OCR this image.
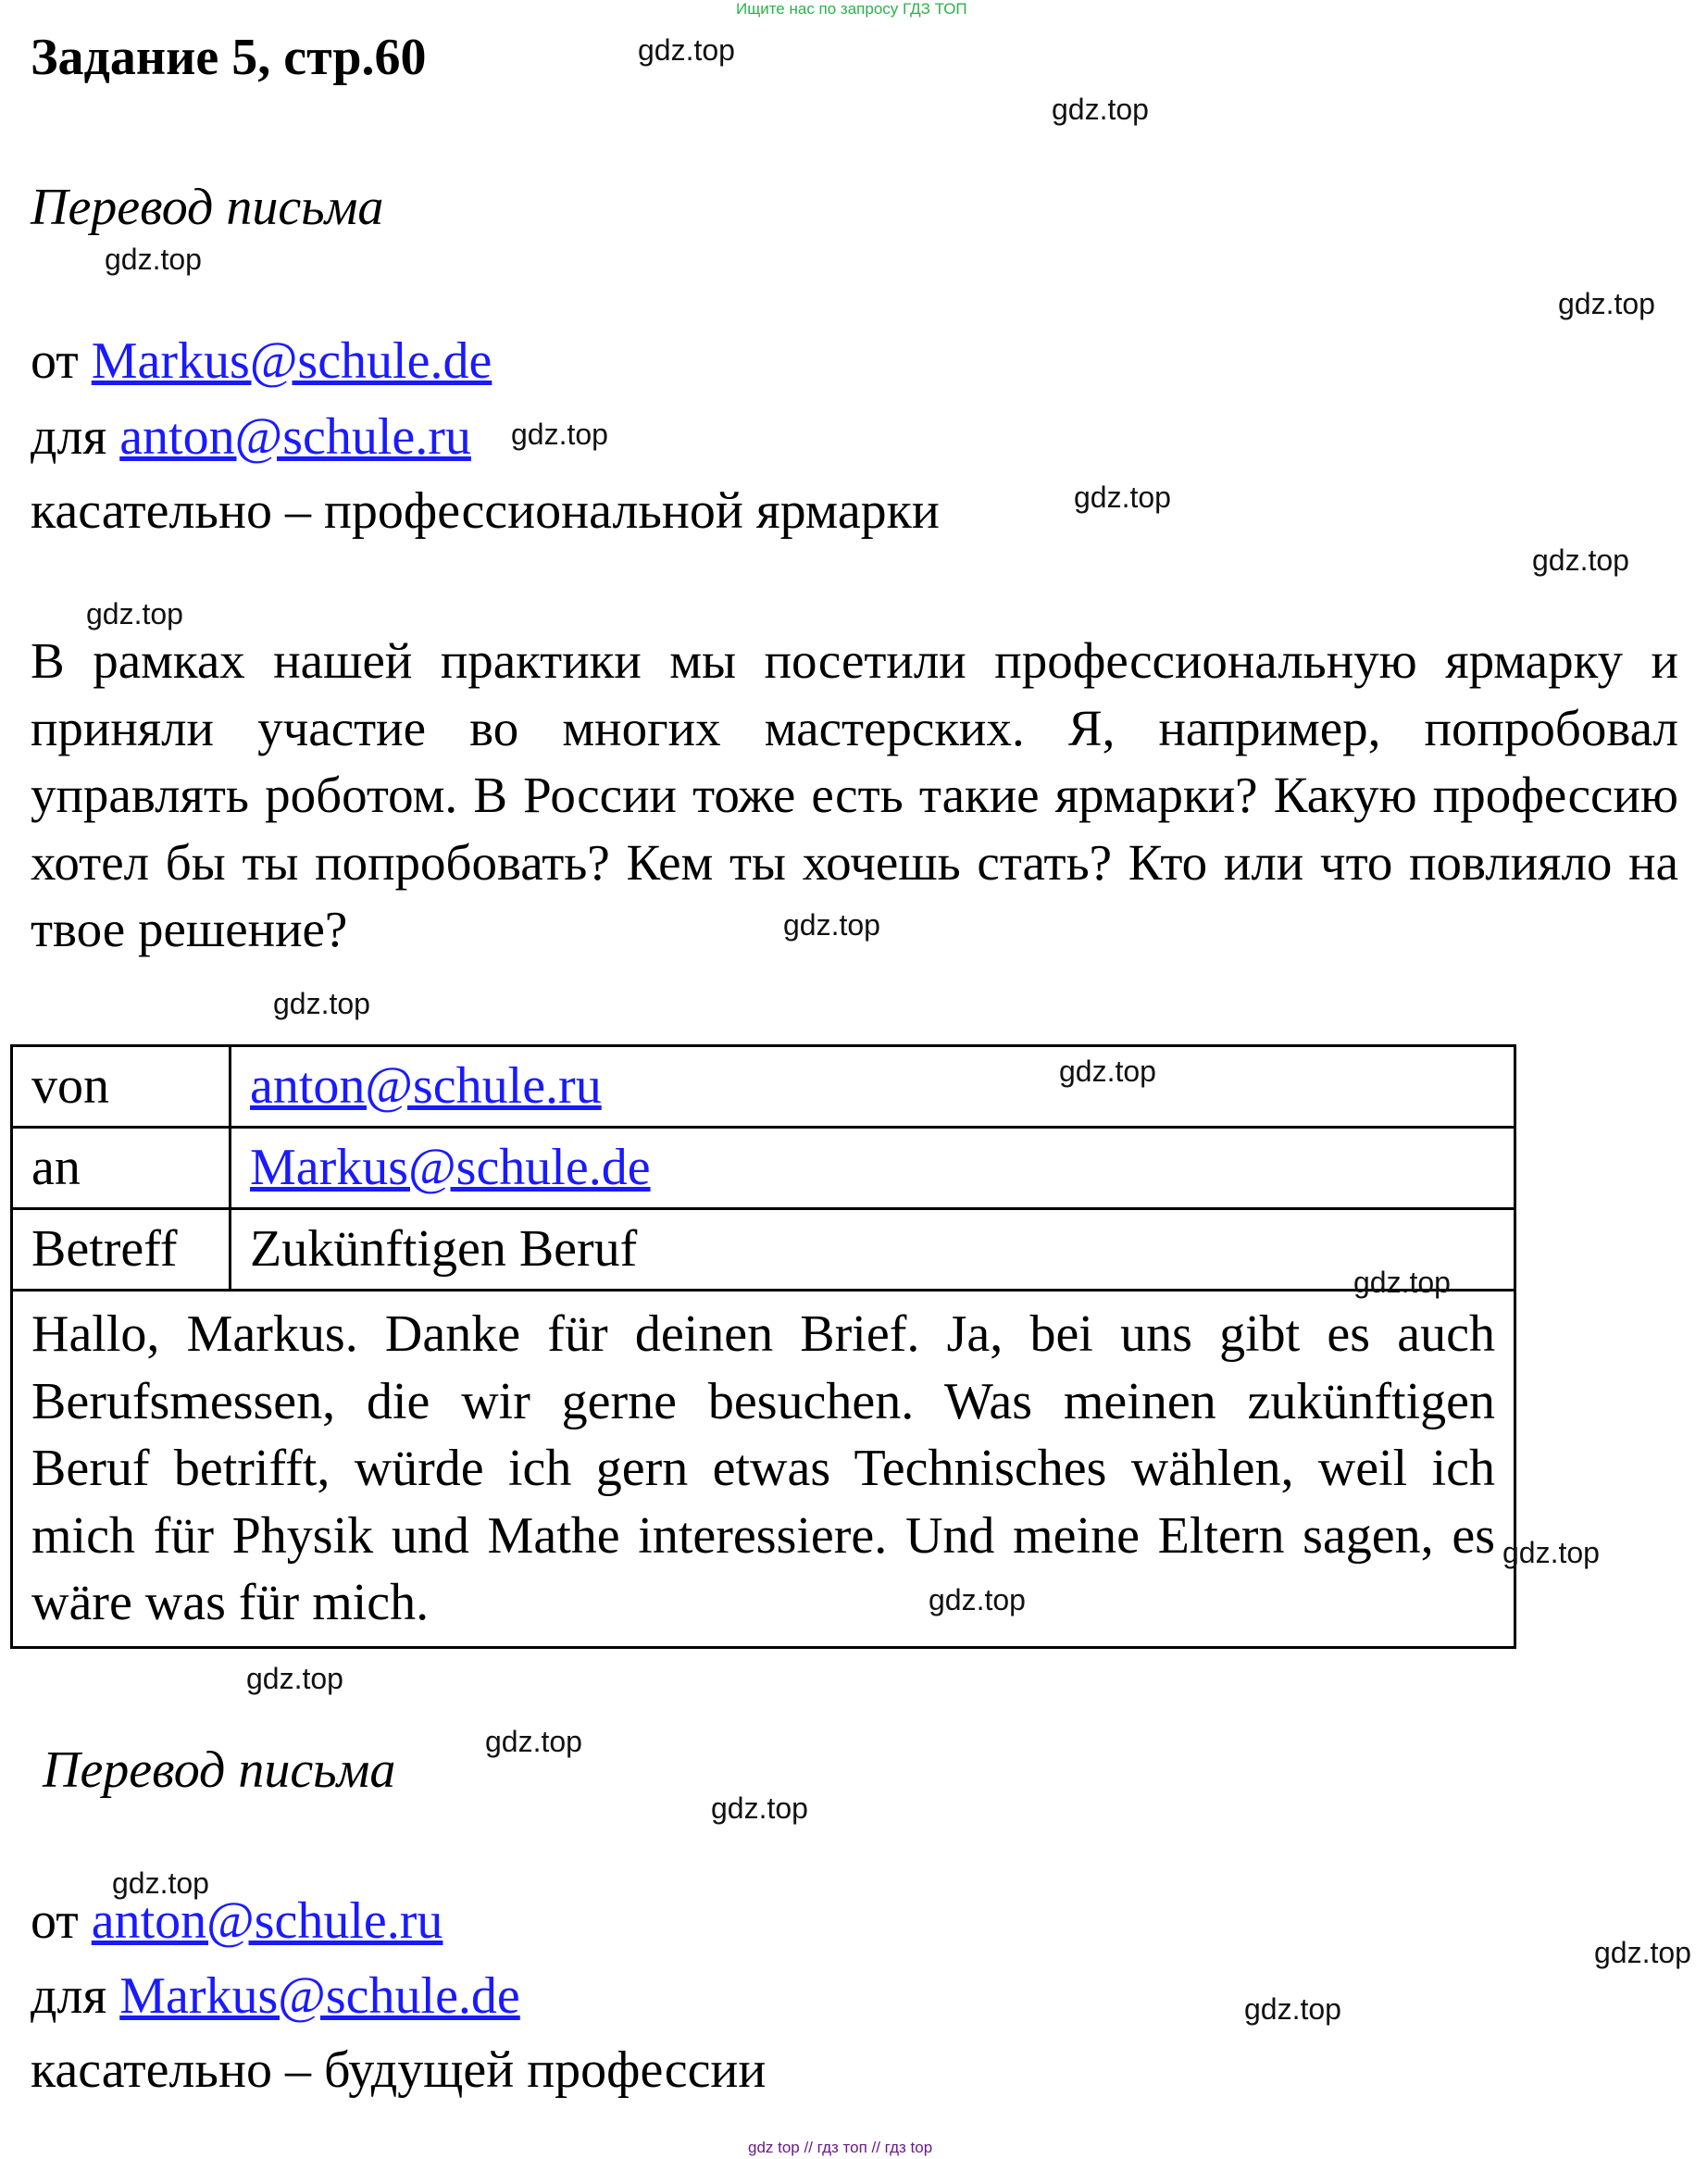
Ищите нас по запросу ГДЗ ТОП
Задание 5, стр.60
Перевод письма
от Markus@schule.de
для anton@schule.ru
касательно – профессиональной ярмарки
В рамках нашей практики мы посетили профессиональную ярмарку и приняли участие во многих мастерских. Я, например, попробовал управлять роботом. В России тоже есть такие ярмарки? Какую профессию хотел бы ты попробовать? Кем ты хочешь стать? Кто или что повлияло на твое решение?
von	anton@schule.ru
an	Markus@schule.de
Betreff	Zukünftigen Beruf
Hallo, Markus. Danke für deinen Brief. Ja, bei uns gibt es auch Berufsmessen, die wir gerne besuchen. Was meinen zukünftigen Beruf betrifft, würde ich gern etwas Technisches wählen, weil ich mich für Physik und Mathe interessiere. Und meine Eltern sagen, es wäre was für mich.	
Перевод письма
от anton@schule.ru
для Markus@schule.de
касательно – будущей профессии
gdz.top
gdz.top
gdz.top
gdz.top
gdz.top
gdz.top
gdz.top
gdz.top
gdz.top
gdz.top
gdz.top
gdz.top
gdz.top
gdz.top
gdz.top
gdz.top
gdz.top
gdz.top
gdz.top
gdz.top
gdz top // гдз топ // гдз top
